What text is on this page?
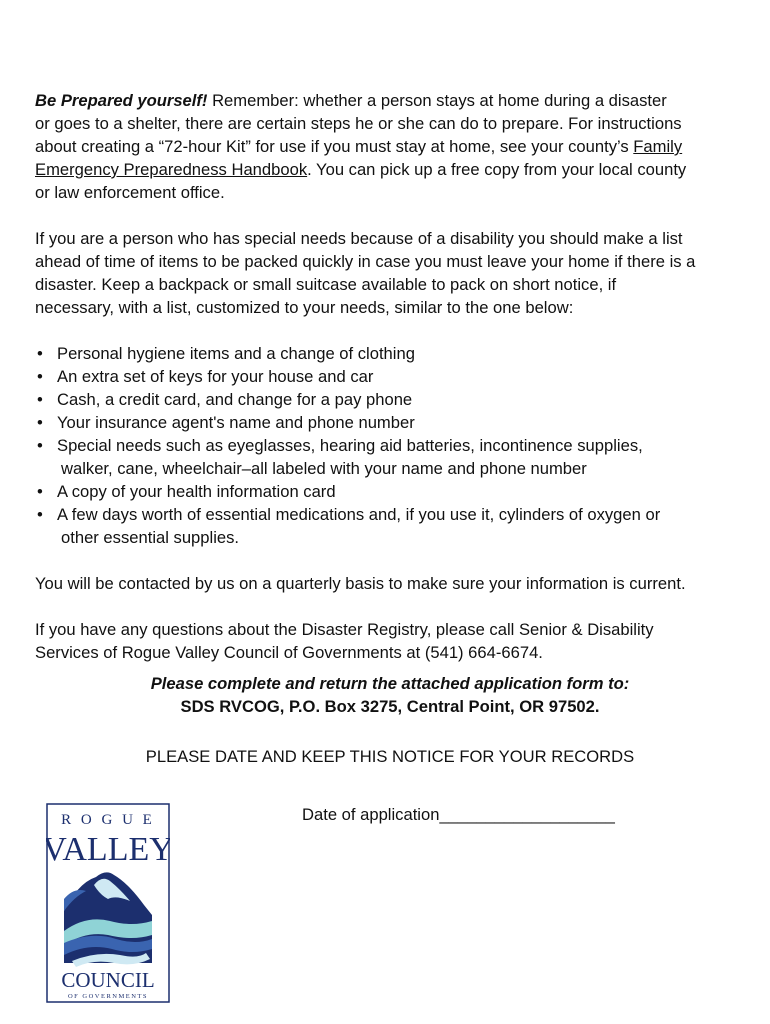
Be Prepared yourself! Remember: whether a person stays at home during a disaster
or goes to a shelter, there are certain steps he or she can do to prepare. For instructions
about creating a “72-hour Kit” for use if you must stay at home, see your county’s Family
Emergency Preparedness Handbook. You can pick up a free copy from your local county
or law enforcement office.

If you are a person who has special needs because of a disability you should make a list
ahead of time of items to be packed quickly in case you must leave your home if there is a
disaster. Keep a backpack or small suitcase available to pack on short notice, if
necessary, with a list, customized to your needs, similar to the one below:

• Personal hygiene items and a change of clothing
• An extra set of keys for your house and car
• Cash, a credit card, and change for a pay phone
• Your insurance agent's name and phone number
• Special needs such as eyeglasses, hearing aid batteries, incontinence supplies,
walker, cane, wheelchair–all labeled with your name and phone number
• A copy of your health information card
• A few days worth of essential medications and, if you use it, cylinders of oxygen or
other essential supplies.

You will be contacted by us on a quarterly basis to make sure your information is current.

If you have any questions about the Disaster Registry, please call Senior & Disability
Services of Rogue Valley Council of Governments at (541) 664-6674.

Please complete and return the attached application form to:

SDS RVCOG, P.O. Box 3275, Central Point, OR 97502.

PLEASE DATE AND KEEP THIS NOTICE FOR YOUR RECORDS

Date of application___________________
R O G U E
VALLEY
COUNCIL
OF GOVERNMENTS
